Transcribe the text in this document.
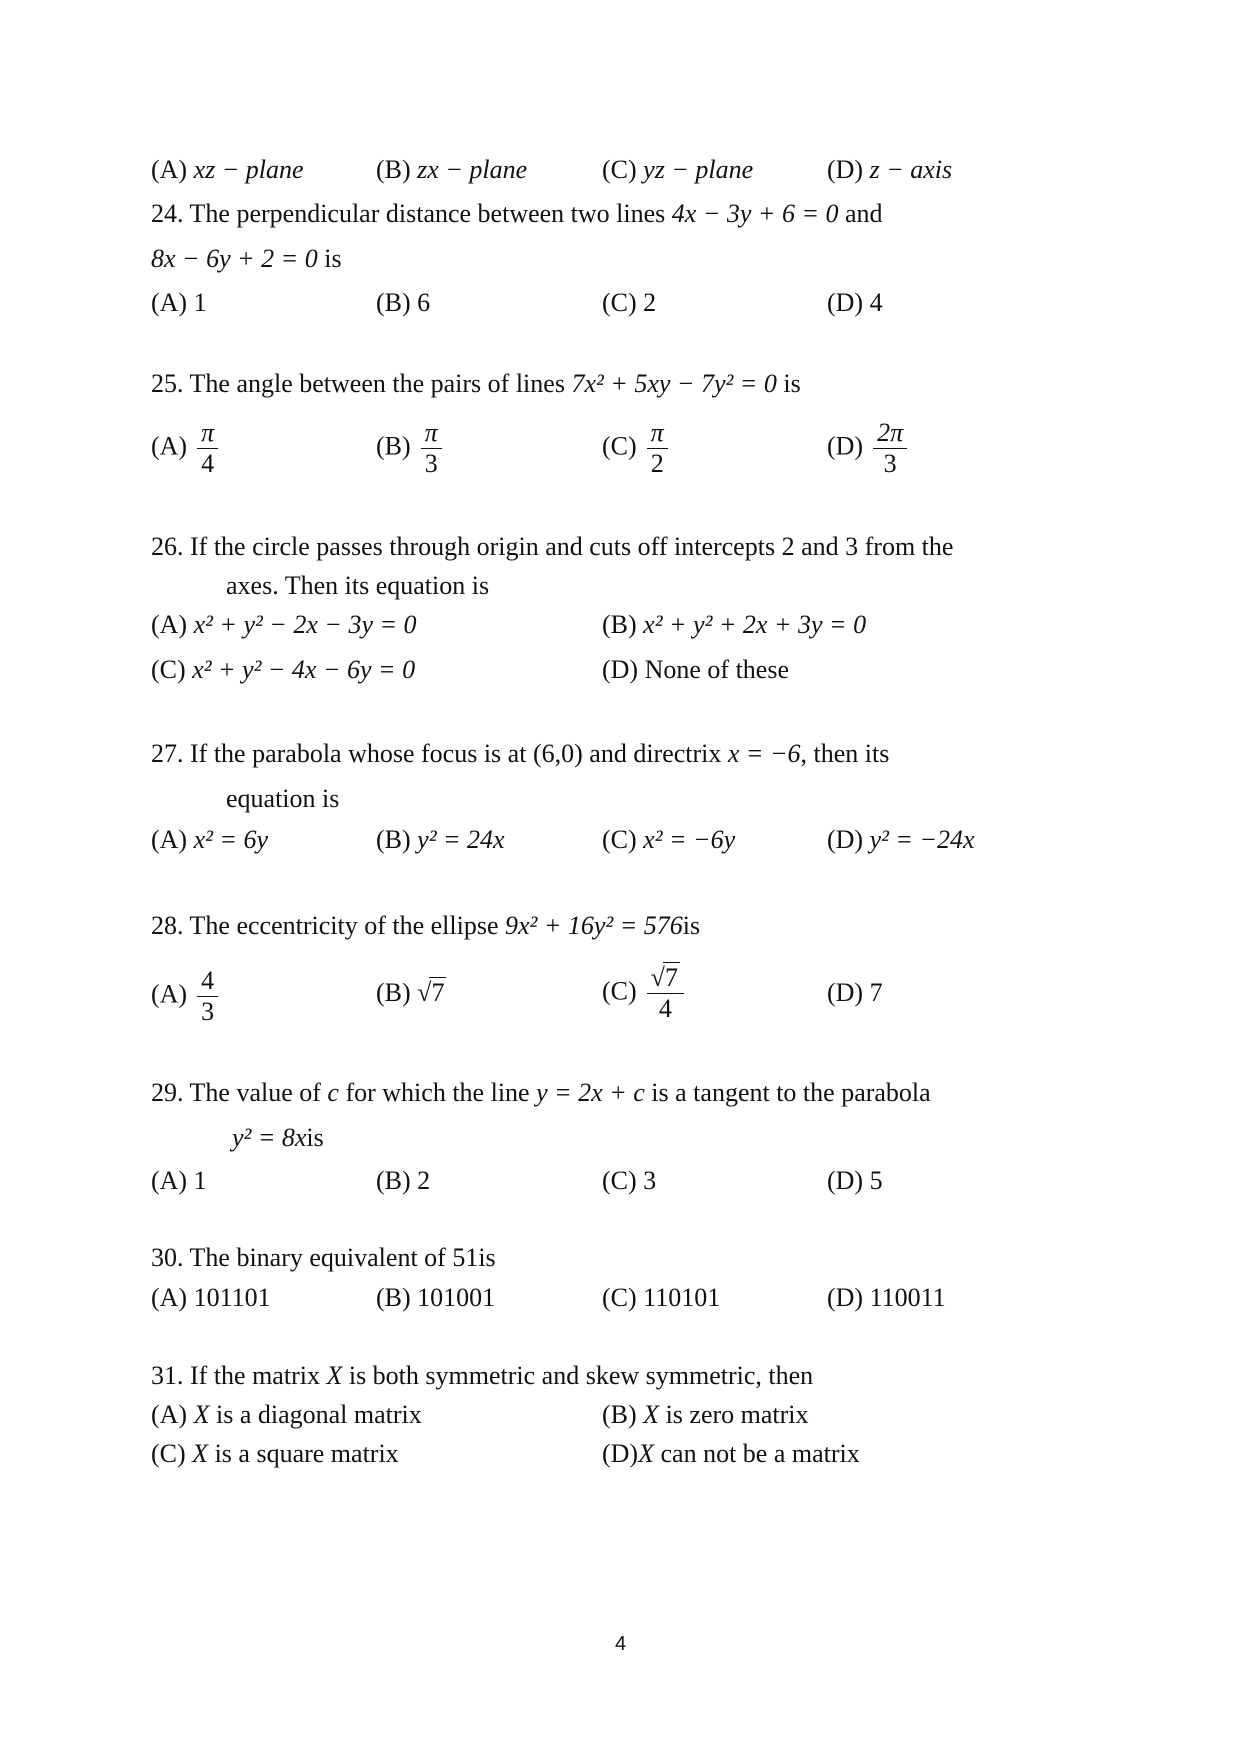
(A) xz − plane	(B) zx − plane	(C) yz − plane	(D) z − axis
24. The perpendicular distance between two lines 4x − 3y + 6 = 0 and
8x − 6y + 2 = 0 is
(A) 1	(B) 6	(C) 2	(D) 4
25. The angle between the pairs of lines 7x² + 5xy − 7y² = 0 is
$(A) \frac{\pi}{4}$	$(B) \frac{\pi}{3}$	$(C) \frac{\pi}{2}$	$(D) \frac{2\pi}{3}$
26. If the circle passes through origin and cuts off intercepts 2 and 3 from the
axes. Then its equation is
(A) x² + y² − 2x − 3y = 0	(B) x² + y² + 2x + 3y = 0
(C) x² + y² − 4x − 6y = 0	(D) None of these
27. If the parabola whose focus is at (6,0) and directrix x = −6, then its
equation is
(A) x² = 6y	(B) y² = 24x	(C) x² = −6y	(D) y² = −24x
28. The eccentricity of the ellipse 9x² + 16y² = 576is
$(A) \frac{4}{3}$	(B) √7	$(C) \frac{√7}{4}$	(D) 7
29. The value of c for which the line y = 2x + c is a tangent to the parabola
y² = 8xis
(A) 1	(B) 2	(C) 3	(D) 5
30. The binary equivalent of 51is
(A) 101101	(B) 101001	(C) 110101	(D) 110011
31. If the matrix X is both symmetric and skew symmetric, then
(A) X is a diagonal matrix	(B) X is zero matrix
(C) X is a square matrix	(D)X can not be a matrix
4
